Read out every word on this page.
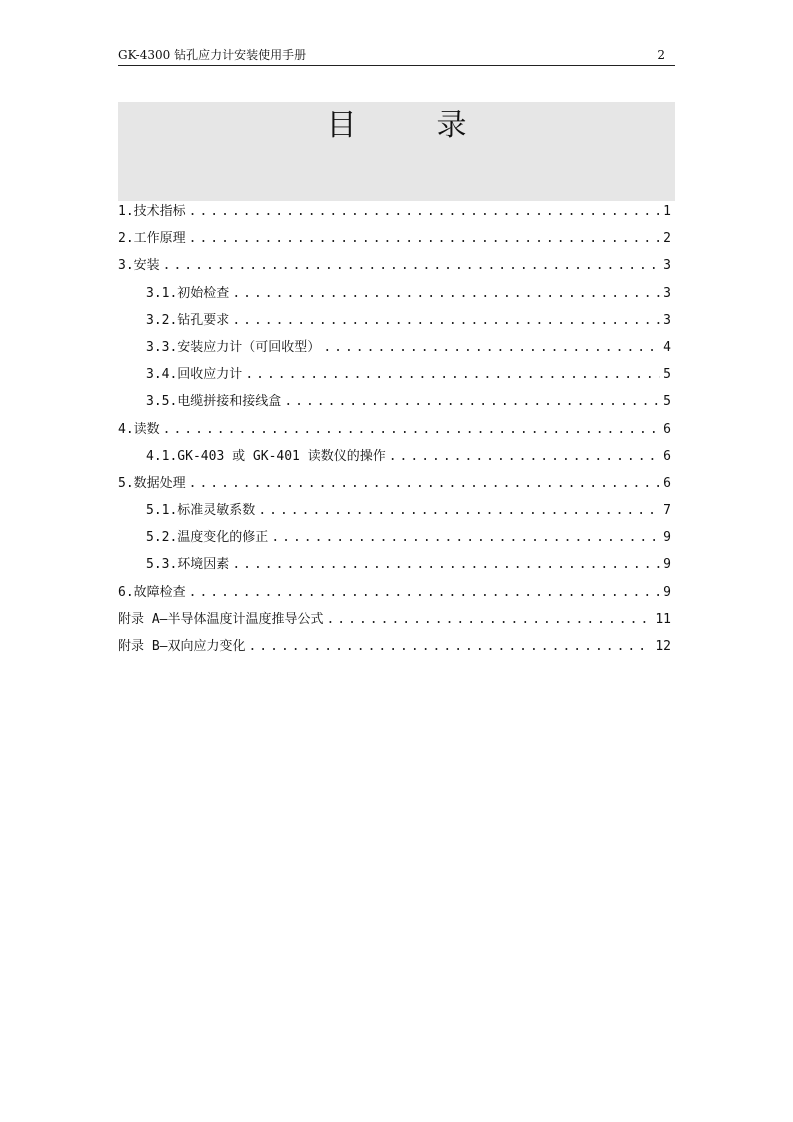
GK-4300 钻孔应力计安装使用手册	2
目录
1.技术指标 .....	1
2.工作原理 .....	2
3.安装 .....	3
3.1.初始检查 .....	3
3.2.钻孔要求 .....	3
3.3.安装应力计（可回收型） .....	4
3.4.回收应力计 .....	5
3.5.电缆拼接和接线盒 .....	5
4.读数 .....	6
4.1.GK-403 或 GK-401 读数仪的操作 .....	6
5.数据处理 .....	6
5.1.标准灵敏系数 .....	7
5.2.温度变化的修正 .....	9
5.3.环境因素 .....	9
6.故障检查 .....	9
附录 A—半导体温度计温度推导公式 .....	11
附录 B—双向应力变化 .....	12
